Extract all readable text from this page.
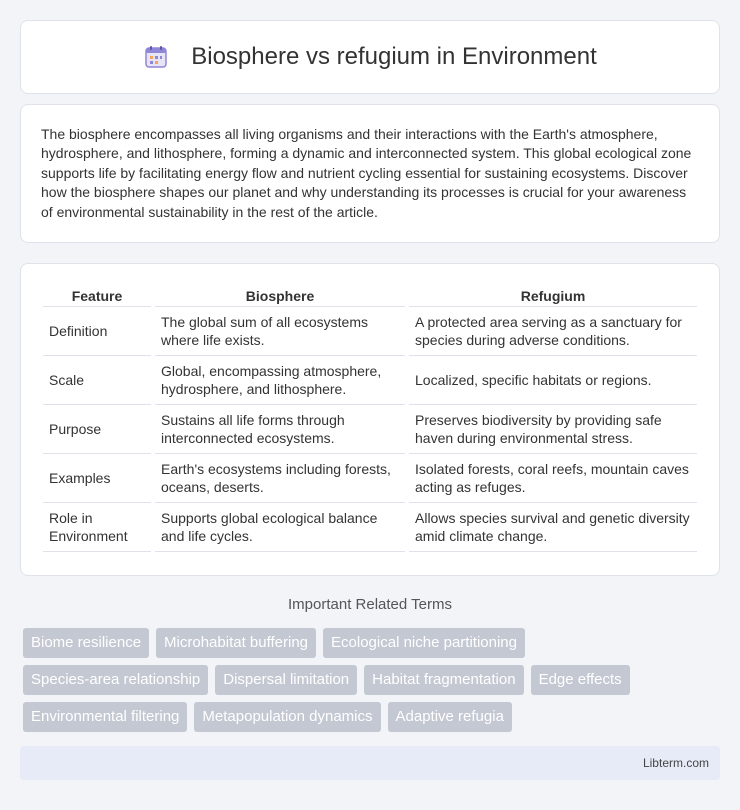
Biosphere vs refugium in Environment

The biosphere encompasses all living organisms and their interactions with the Earth's atmosphere, hydrosphere, and lithosphere, forming a dynamic and interconnected system. This global ecological zone supports life by facilitating energy flow and nutrient cycling essential for sustaining ecosystems. Discover how the biosphere shapes our planet and why understanding its processes is crucial for your awareness of environmental sustainability in the rest of the article.

Feature	Biosphere	Refugium
Definition	The global sum of all ecosystems where life exists.	A protected area serving as a sanctuary for species during adverse conditions.
Scale	Global, encompassing atmosphere, hydrosphere, and lithosphere.	Localized, specific habitats or regions.
Purpose	Sustains all life forms through interconnected ecosystems.	Preserves biodiversity by providing safe haven during environmental stress.
Examples	Earth's ecosystems including forests, oceans, deserts.	Isolated forests, coral reefs, mountain caves acting as refuges.
Role in Environment	Supports global ecological balance and life cycles.	Allows species survival and genetic diversity amid climate change.
Important Related Terms
Biome resilience	Microhabitat buffering	Ecological niche partitioning
Species-area relationship	Dispersal limitation	Habitat fragmentation	Edge effects
Environmental filtering	Metapopulation dynamics	Adaptive refugia
Libterm.com
